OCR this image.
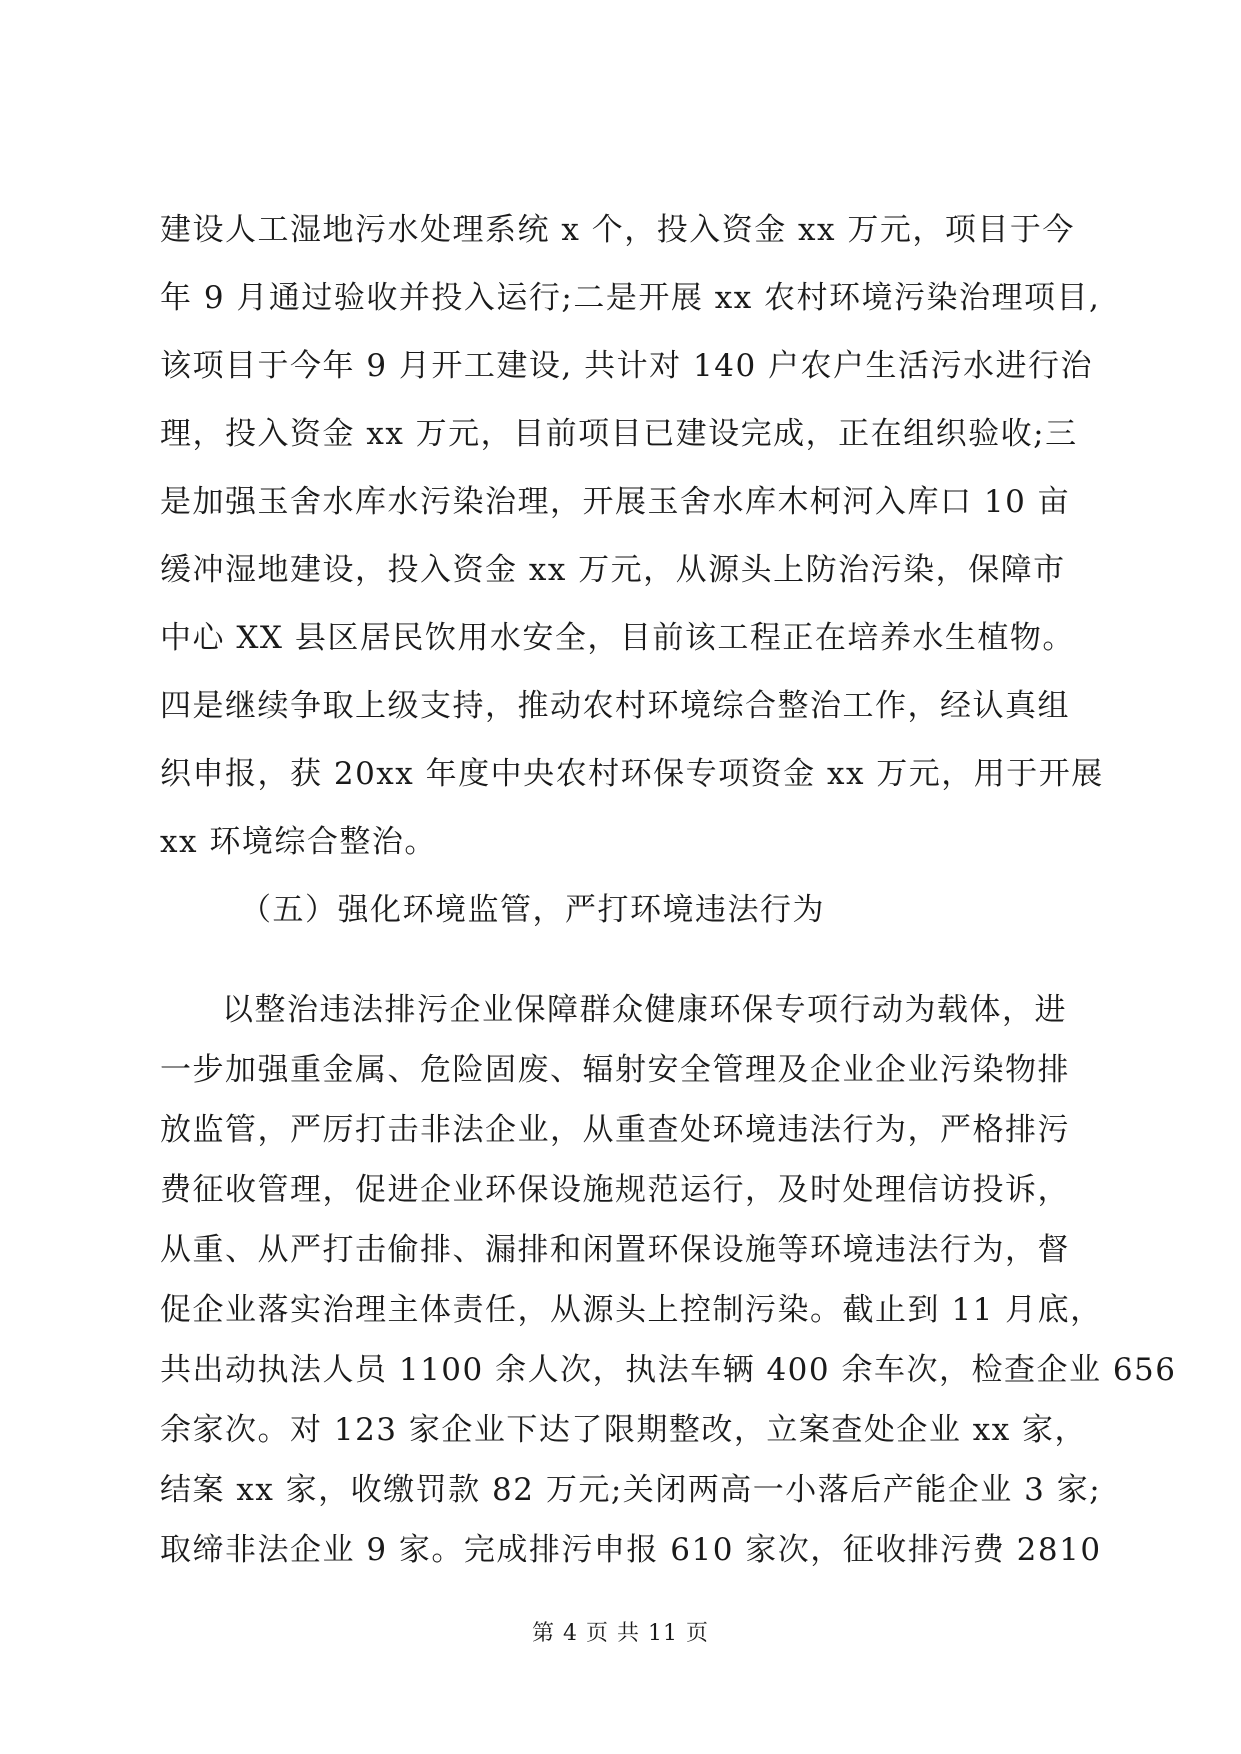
建设人工湿地污水处理系统 x 个，投入资金 xx 万元，项目于今
年 9 月通过验收并投入运行;二是开展 xx 农村环境污染治理项目,
该项目于今年 9 月开工建设, 共计对 140 户农户生活污水进行治
理，投入资金 xx 万元，目前项目已建设完成，正在组织验收;三
是加强玉舍水库水污染治理，开展玉舍水库木柯河入库口 10 亩
缓冲湿地建设，投入资金 xx 万元，从源头上防治污染，保障市
中心 XX 县区居民饮用水安全，目前该工程正在培养水生植物。
四是继续争取上级支持，推动农村环境综合整治工作，经认真组
织申报，获 20xx 年度中央农村环保专项资金 xx 万元，用于开展
xx 环境综合整治。
（五）强化环境监管，严打环境违法行为
以整治违法排污企业保障群众健康环保专项行动为载体，进
一步加强重金属、危险固废、辐射安全管理及企业企业污染物排
放监管，严厉打击非法企业，从重查处环境违法行为，严格排污
费征收管理，促进企业环保设施规范运行，及时处理信访投诉，
从重、从严打击偷排、漏排和闲置环保设施等环境违法行为，督
促企业落实治理主体责任，从源头上控制污染。截止到 11 月底，
共出动执法人员 1100 余人次，执法车辆 400 余车次，检查企业 656
余家次。对 123 家企业下达了限期整改，立案查处企业 xx 家，
结案 xx 家，收缴罚款 82 万元;关闭两高一小落后产能企业 3 家;
取缔非法企业 9 家。完成排污申报 610 家次，征收排污费 2810
第 4 页 共 11 页
